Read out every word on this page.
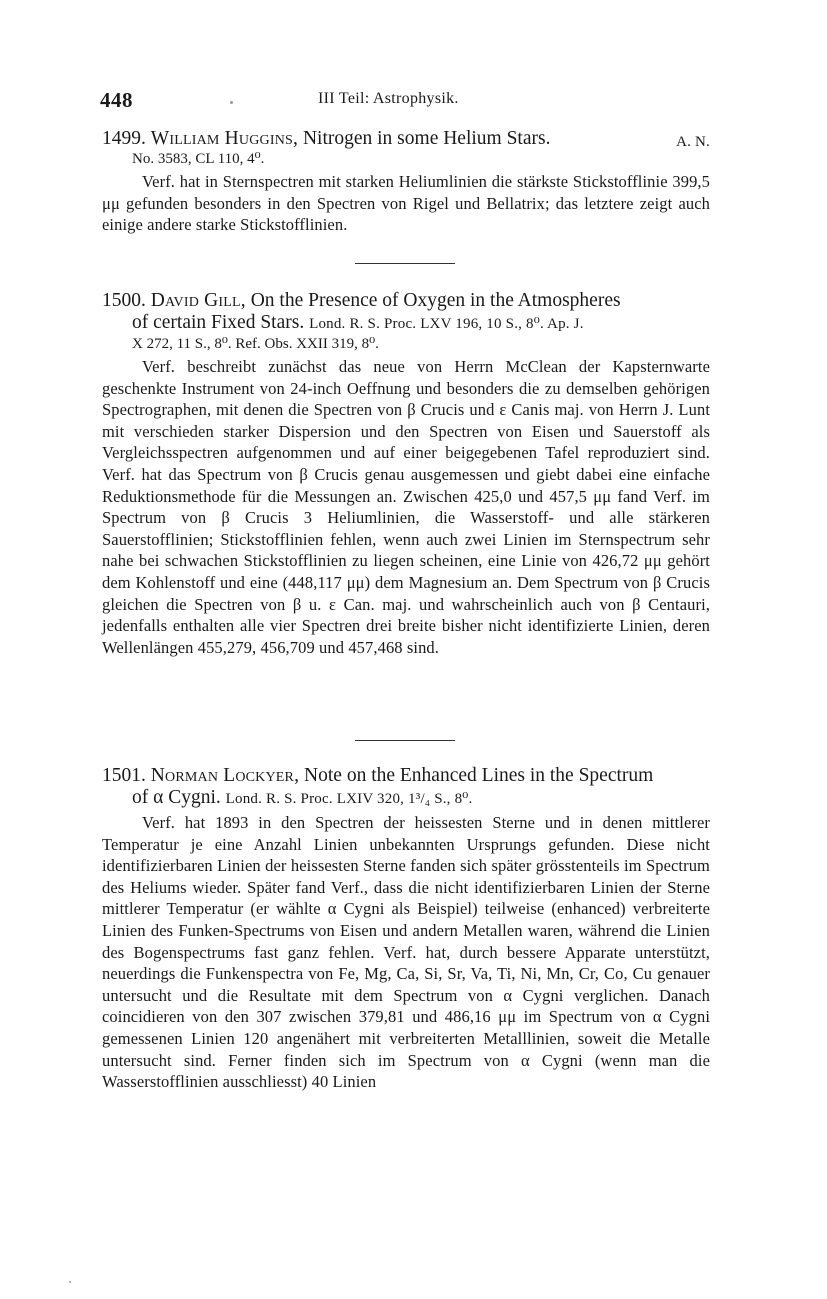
448	III Teil: Astrophysik.
1499. William Huggins, Nitrogen in some Helium Stars.	A. N.
No. 3583, CL 110, 4⁰.
Verf. hat in Sternspectren mit starken Heliumlinien die stärkste Stickstofflinie 399,5 μμ gefunden besonders in den Spectren von Rigel und Bellatrix; das letztere zeigt auch einige andere starke Stickstofflinien.
1500. David Gill, On the Presence of Oxygen in the Atmospheres
of certain Fixed Stars. Lond. R. S. Proc. LXV 196, 10 S., 8⁰. Ap. J.
X 272, 11 S., 8⁰. Ref. Obs. XXII 319, 8⁰.
Verf. beschreibt zunächst das neue von Herrn McClean der Kapsternwarte geschenkte Instrument von 24-inch Oeffnung und besonders die zu demselben gehörigen Spectrographen, mit denen die Spectren von β Crucis und ε Canis maj. von Herrn J. Lunt mit verschieden starker Dispersion und den Spectren von Eisen und Sauerstoff als Vergleichsspectren aufgenommen und auf einer beigegebenen Tafel reproduziert sind. Verf. hat das Spectrum von β Crucis genau ausgemessen und giebt dabei eine einfache Reduktionsmethode für die Messungen an. Zwischen 425,0 und 457,5 μμ fand Verf. im Spectrum von β Crucis 3 Heliumlinien, die Wasserstoff- und alle stärkeren Sauerstofflinien; Stickstofflinien fehlen, wenn auch zwei Linien im Sternspectrum sehr nahe bei schwachen Stickstofflinien zu liegen scheinen, eine Linie von 426,72 μμ gehört dem Kohlenstoff und eine (448,117 μμ) dem Magnesium an. Dem Spectrum von β Crucis gleichen die Spectren von β u. ε Can. maj. und wahrscheinlich auch von β Centauri, jedenfalls enthalten alle vier Spectren drei breite bisher nicht identifizierte Linien, deren Wellenlängen 455,279, 456,709 und 457,468 sind.
1501. Norman Lockyer, Note on the Enhanced Lines in the Spectrum
of α Cygni. Lond. R. S. Proc. LXIV 320, 1³/₄ S., 8⁰.
Verf. hat 1893 in den Spectren der heissesten Sterne und in denen mittlerer Temperatur je eine Anzahl Linien unbekannten Ursprungs gefunden. Diese nicht identifizierbaren Linien der heissesten Sterne fanden sich später grösstenteils im Spectrum des Heliums wieder. Später fand Verf., dass die nicht identifizierbaren Linien der Sterne mittlerer Temperatur (er wählte α Cygni als Beispiel) teilweise (enhanced) verbreiterte Linien des Funken-Spectrums von Eisen und andern Metallen waren, während die Linien des Bogenspectrums fast ganz fehlen. Verf. hat, durch bessere Apparate unterstützt, neuerdings die Funkenspectra von Fe, Mg, Ca, Si, Sr, Va, Ti, Ni, Mn, Cr, Co, Cu genauer untersucht und die Resultate mit dem Spectrum von α Cygni verglichen. Danach coincidieren von den 307 zwischen 379,81 und 486,16 μμ im Spectrum von α Cygni gemessenen Linien 120 angenähert mit verbreiterten Metalllinien, soweit die Metalle untersucht sind. Ferner finden sich im Spectrum von α Cygni (wenn man die Wasserstofflinien ausschliesst) 40 Linien
